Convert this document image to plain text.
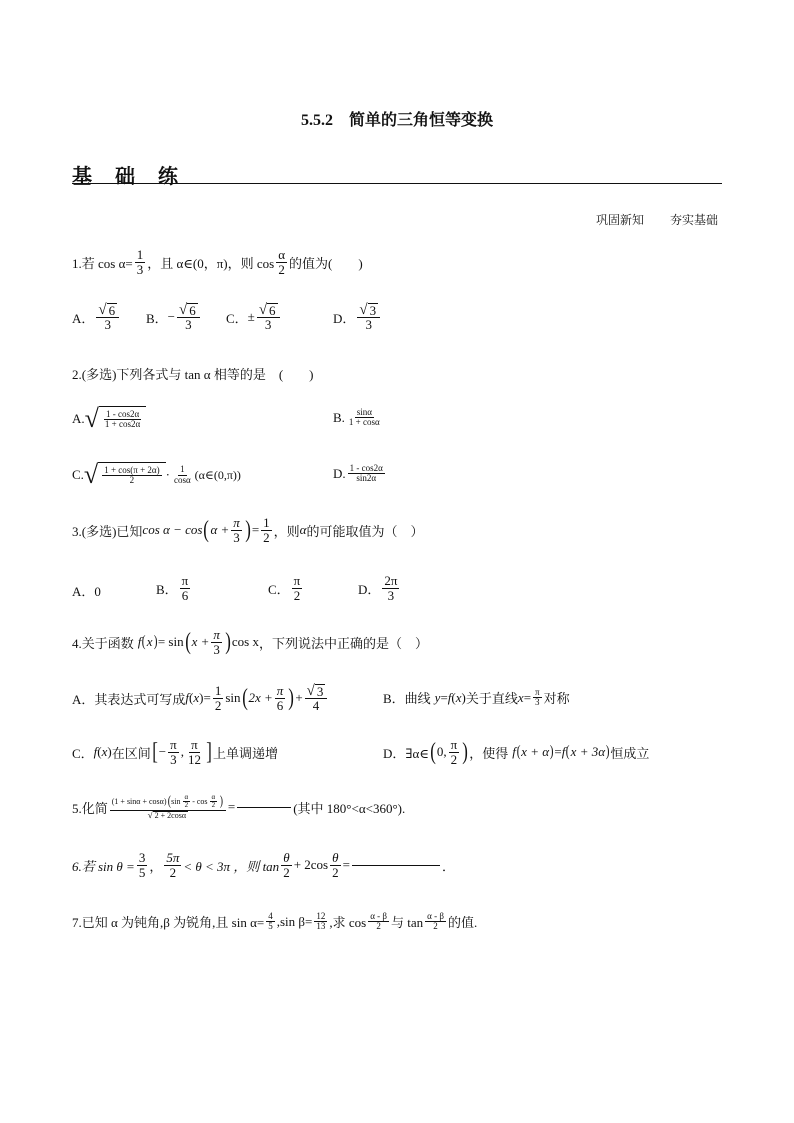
5.5.2　简单的三角恒等变换
基 础 练
巩固新知 夯实基础
1.若 $\cos \alpha= \frac{1}{3}$ ，且 α∈(0，π)，则 $\cos \frac{\alpha}{2}$ 的值为(　　)
A． $\frac{√ 6}{3}$ B． − $\frac{√ 6}{3}$ C． ± $\frac{√ 6}{3}$	D． $\frac{√ 3}{3}$
2.(多选)下列各式与 tan α 相等的是　(　　)
A. √ $\frac{1 - \cos 2\alpha}{1 + \cos 2\alpha}$	B. $\frac{\sin\alpha}{1 + \cos\alpha}$
C. √ $\frac{1 + \cos(\pi + 2\alpha)}{2} \cdot \frac{1}{\cos\alpha}$ (α∈(0,π))	D. $\frac{1 - \cos 2\alpha}{\sin 2\alpha}$
3.(多选)已知 cos α − cos ( $\alpha + \frac{\pi}{3}$ ) = $\frac{1}{2}$ ，则 α 的可能取值为（　）
A．0	B． $\frac{\pi}{6}$	C． $\frac{\pi}{2}$	D． $\frac{2\pi}{3}$
4.关于函数 f ( x ) = sin ( $x + \frac{\pi}{3}$ ) cos x ，下列说法中正确的是（　）
A．其表达式可写成 f ( x ) = $\frac{1}{2}$ sin ( $2x + \frac{\pi}{6}$ ) + $\frac{√ 3}{4}$	B．曲线 y = f ( x ) 关于直线 $x = \frac{\pi}{3}$ 对称
C． f ( x ) 在区间 [ − $\frac{\pi}{3}$ , $\frac{\pi}{12}$ ] 上单调递增	D．∃α∈ ( 0, $\frac{\pi}{2}$ ) ，使得 f ( x + α ) = f ( x + 3α ) 恒成立
5.化简 $\frac{(1 + \sin\alpha + \cos\alpha) ( \sin \frac{\alpha}{2} - \cos \frac{\alpha}{2} )}{√ 2 + 2\cos\alpha}$ =	(其中 180°<α<360°).
6.若 $\sin \theta = \frac{3}{5}$ ， $\frac{5\pi}{2} < \theta < 3\pi$ ，则 $\tan \frac{\theta}{2} + 2\cos \frac{\theta}{2}$ =	．
7.已知 α 为钝角,β 为锐角,且 $\sin \alpha= \frac{4}{5} ,\sin$ $\beta= \frac{12}{13}$ ,求 $\cos \frac{\alpha - \beta}{2}$ 与 $\tan \frac{\alpha - \beta}{2}$ 的值.
